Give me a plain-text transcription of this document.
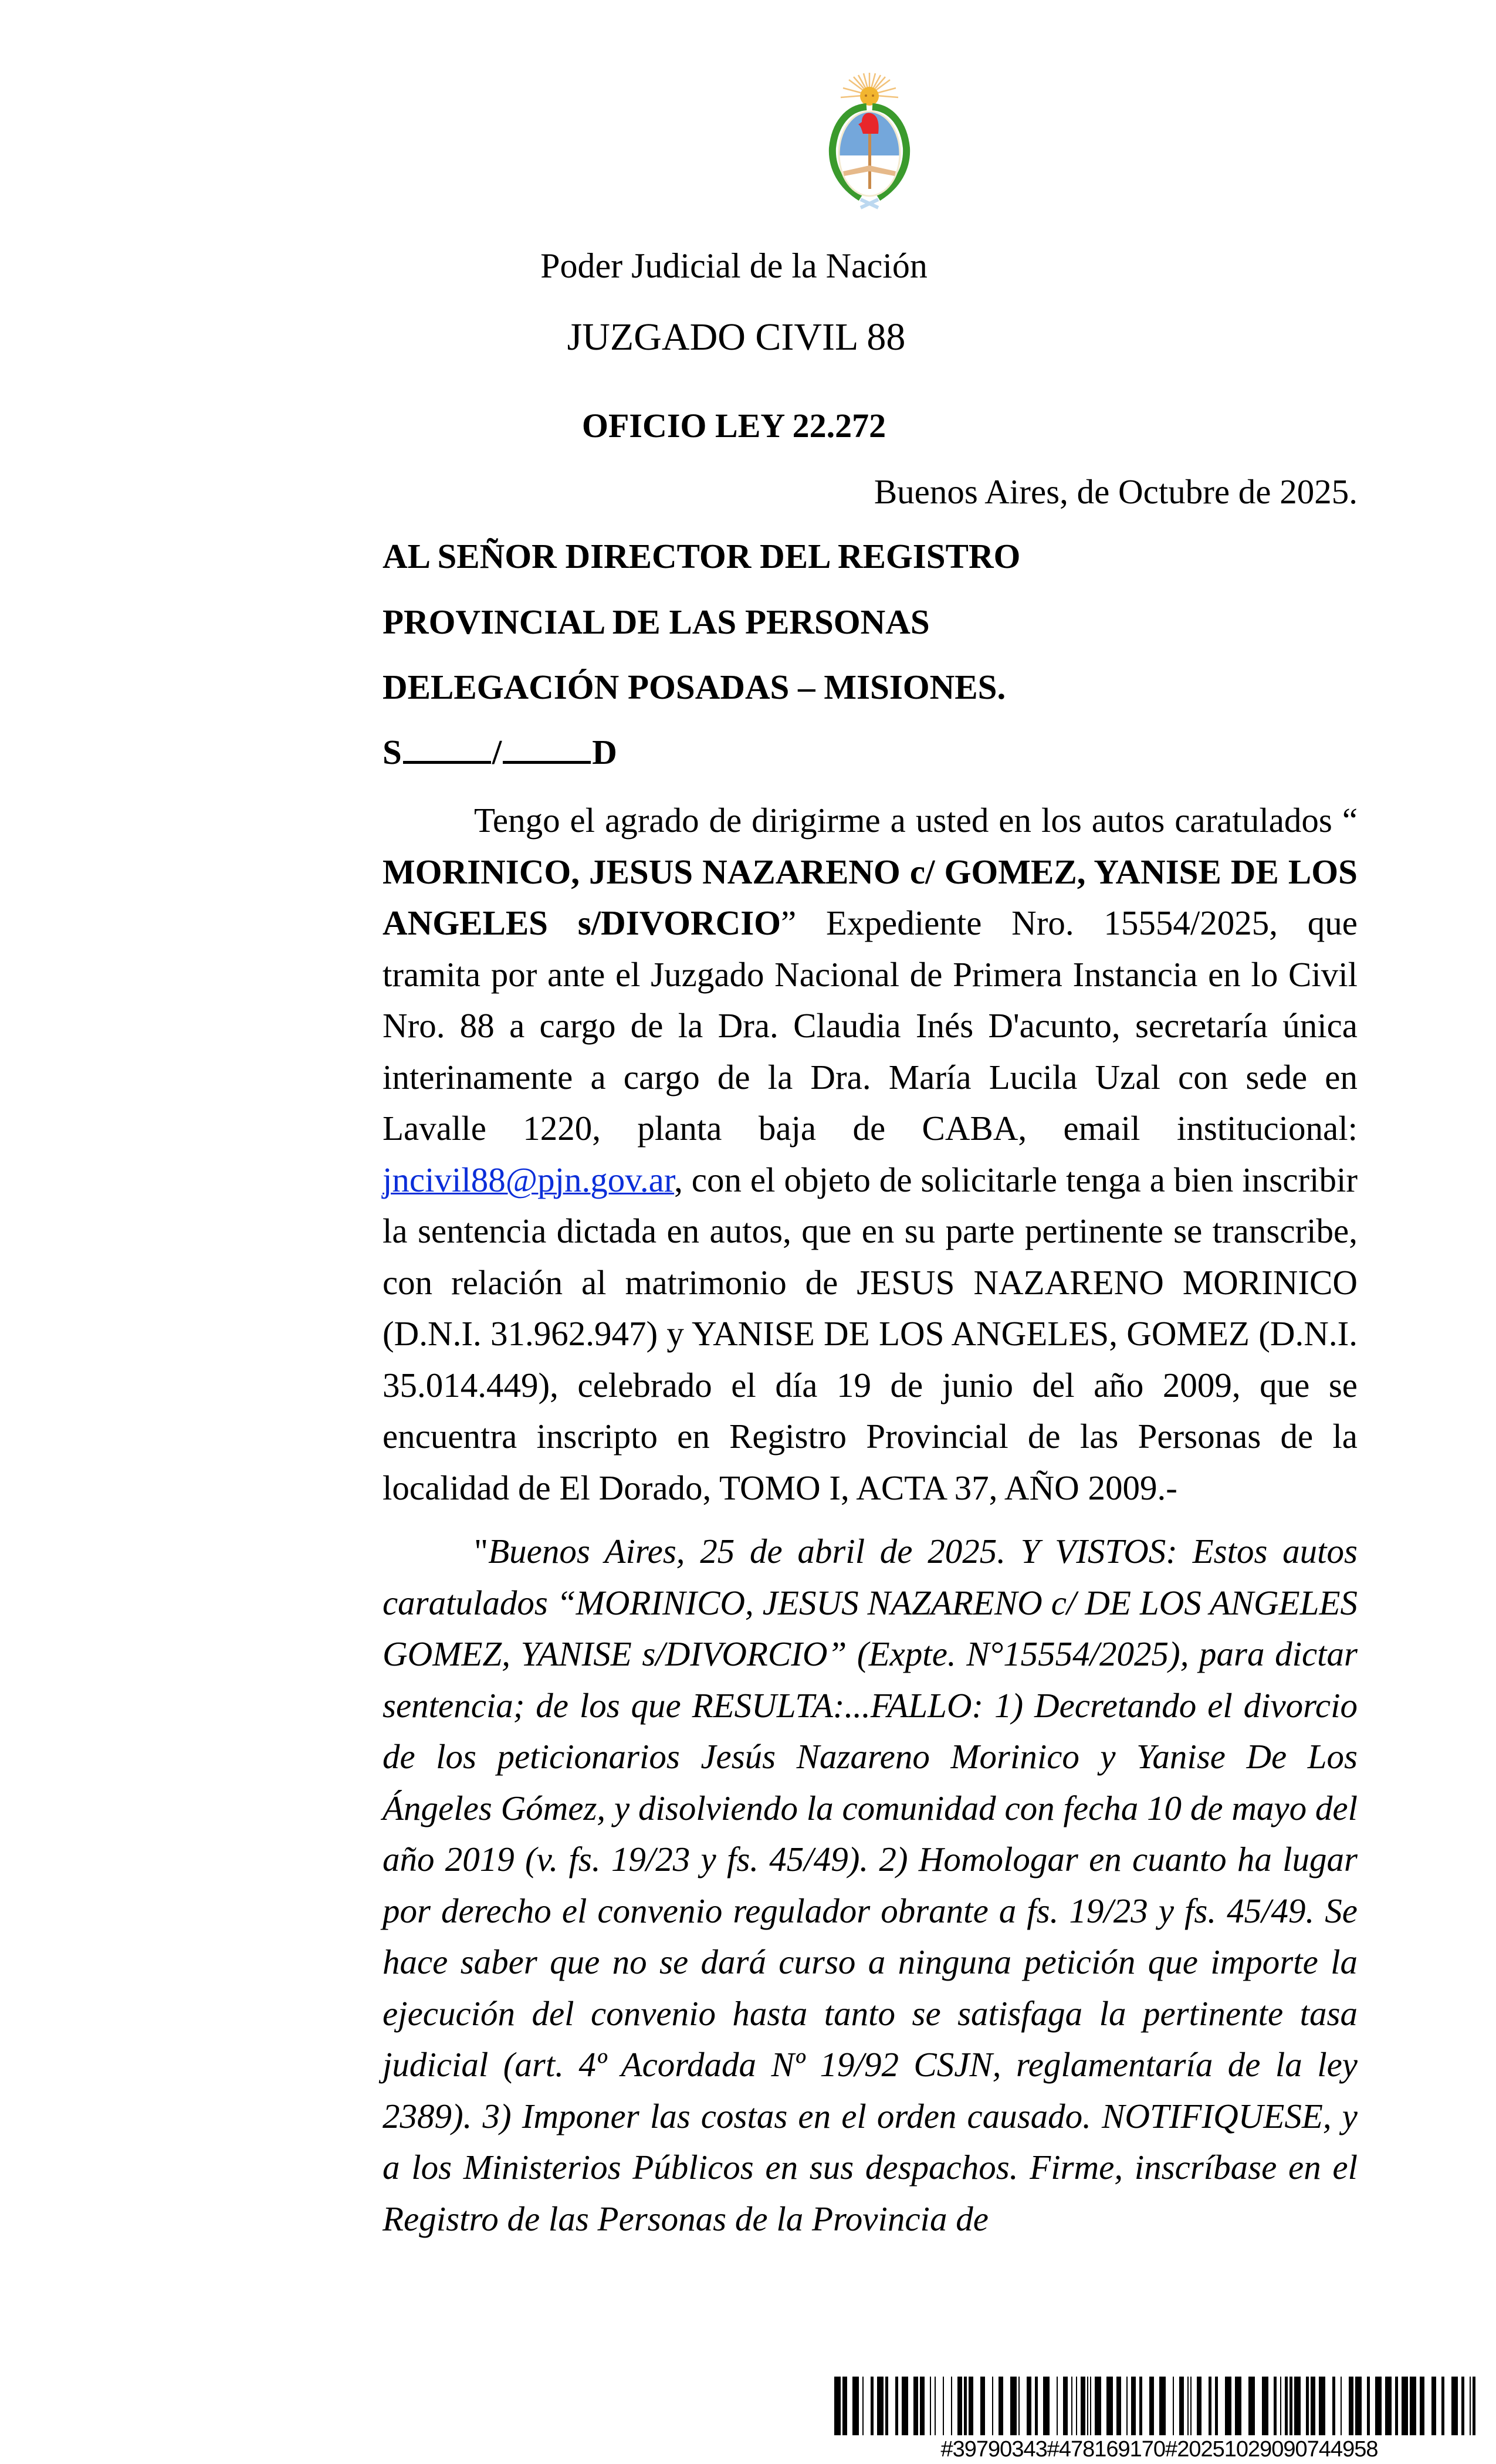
Poder Judicial de la Nación
JUZGADO CIVIL 88
OFICIO LEY 22.272
Buenos Aires, de Octubre de 2025.
AL SEÑOR DIRECTOR DEL REGISTRO
PROVINCIAL DE LAS PERSONAS
DELEGACIÓN POSADAS – MISIONES.
S	/	D

Tengo el agrado de dirigirme a usted en los autos caratulados “ MORINICO, JESUS NAZARENO c/ GOMEZ, YANISE DE LOS ANGELES s/DIVORCIO” Expediente Nro. 15554/2025, que tramita por ante el Juzgado Nacional de Primera Instancia en lo Civil Nro. 88 a cargo de la Dra. Claudia Inés D'acunto, secretaría única interinamente a cargo de la Dra. María Lucila Uzal con sede en Lavalle 1220, planta baja de CABA, email institucional: jncivil88@pjn.gov.ar, con el objeto de solicitarle tenga a bien inscribir la sentencia dictada en autos, que en su parte pertinente se transcribe, con relación al matrimonio de JESUS NAZARENO MORINICO (D.N.I. 31.962.947) y YANISE DE LOS ANGELES, GOMEZ (D.N.I. 35.014.449), celebrado el día 19 de junio del año 2009, que se encuentra inscripto en Registro Provincial de las Personas de la localidad de El Dorado, TOMO I, ACTA 37, AÑO 2009.-

"Buenos Aires, 25 de abril de 2025. Y VISTOS: Estos autos caratulados “MORINICO, JESUS NAZARENO c/ DE LOS ANGELES GOMEZ, YANISE s/DIVORCIO” (Expte. N°15554/2025), para dictar sentencia; de los que RESULTA:...FALLO: 1) Decretando el divorcio de los peticionarios Jesús Nazareno Morinico y Yanise De Los Ángeles Gómez, y disolviendo la comunidad con fecha 10 de mayo del año 2019 (v. fs. 19/23 y fs. 45/49). 2) Homologar en cuanto ha lugar por derecho el convenio regulador obrante a fs. 19/23 y fs. 45/49. Se hace saber que no se dará curso a ninguna petición que importe la ejecución del convenio hasta tanto se satisfaga la pertinente tasa judicial (art. 4º Acordada Nº 19/92 CSJN, reglamentaría de la ley 2389). 3) Imponer las costas en el orden causado. NOTIFIQUESE, y a los Ministerios Públicos en sus despachos. Firme, inscríbase en el Registro de las Personas de la Provincia de

#39790343#478169170#20251029090744958
